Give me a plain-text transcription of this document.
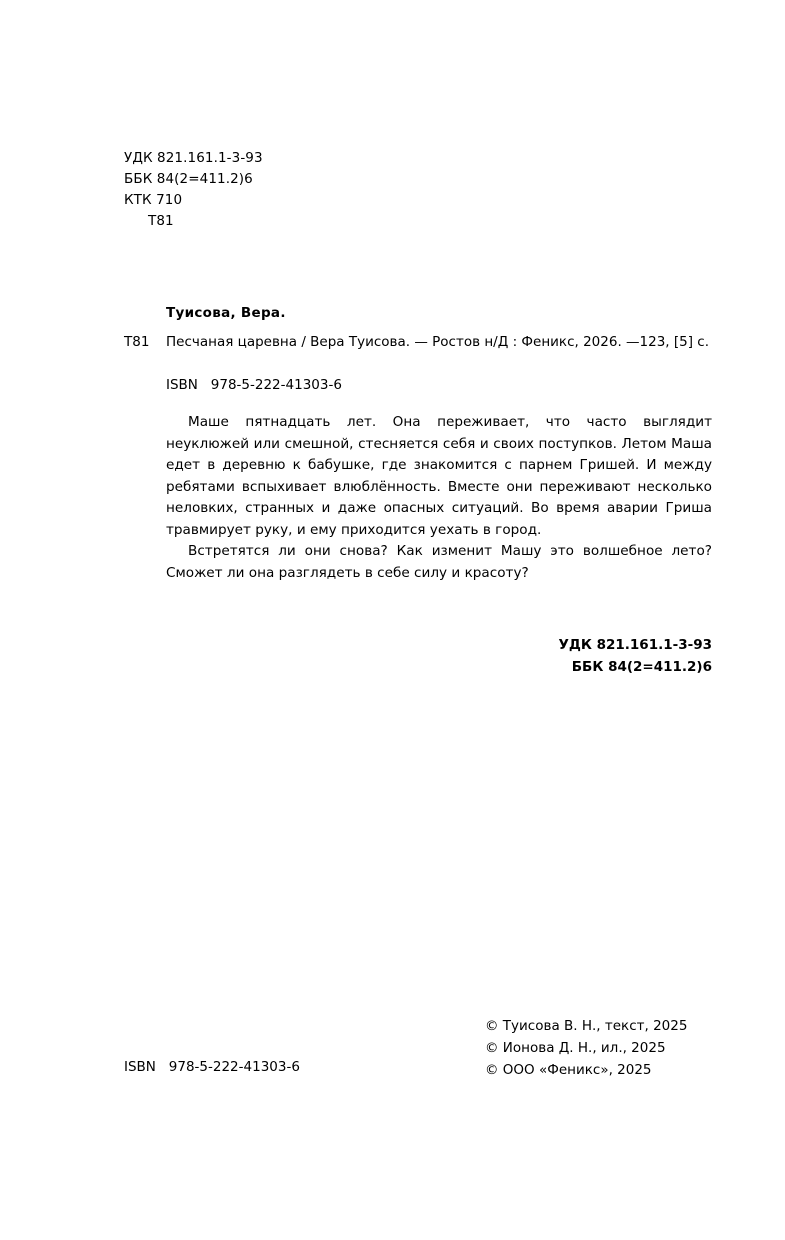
УДК 821.161.1-3-93
ББК 84(2=411.2)6
КТК 710
Т81
Туисова, Вера.
Т81	Песчаная царевна / Вера Туисова. — Ростов н/Д : Феникс, 2026. —123, [5] с.
ISBN   978-5-222-41303-6

Маше пятнадцать лет. Она переживает, что часто выглядит неуклюжей или смешной, стесняется себя и своих поступков. Летом Маша едет в деревню к бабушке, где знакомится с парнем Гришей. И между ребятами вспыхивает влюблённость. Вместе они переживают несколько неловких, странных и даже опасных ситуаций. Во время аварии Гриша травмирует руку, и ему приходится уехать в город.

Встретятся ли они снова? Как изменит Машу это волшебное лето? Сможет ли она разглядеть в себе силу и красоту?

УДК 821.161.1-3-93
ББК 84(2=411.2)6
© Туисова В. Н., текст, 2025
© Ионова Д. Н., ил., 2025
© ООО «Феникс», 2025
ISBN   978-5-222-41303-6
